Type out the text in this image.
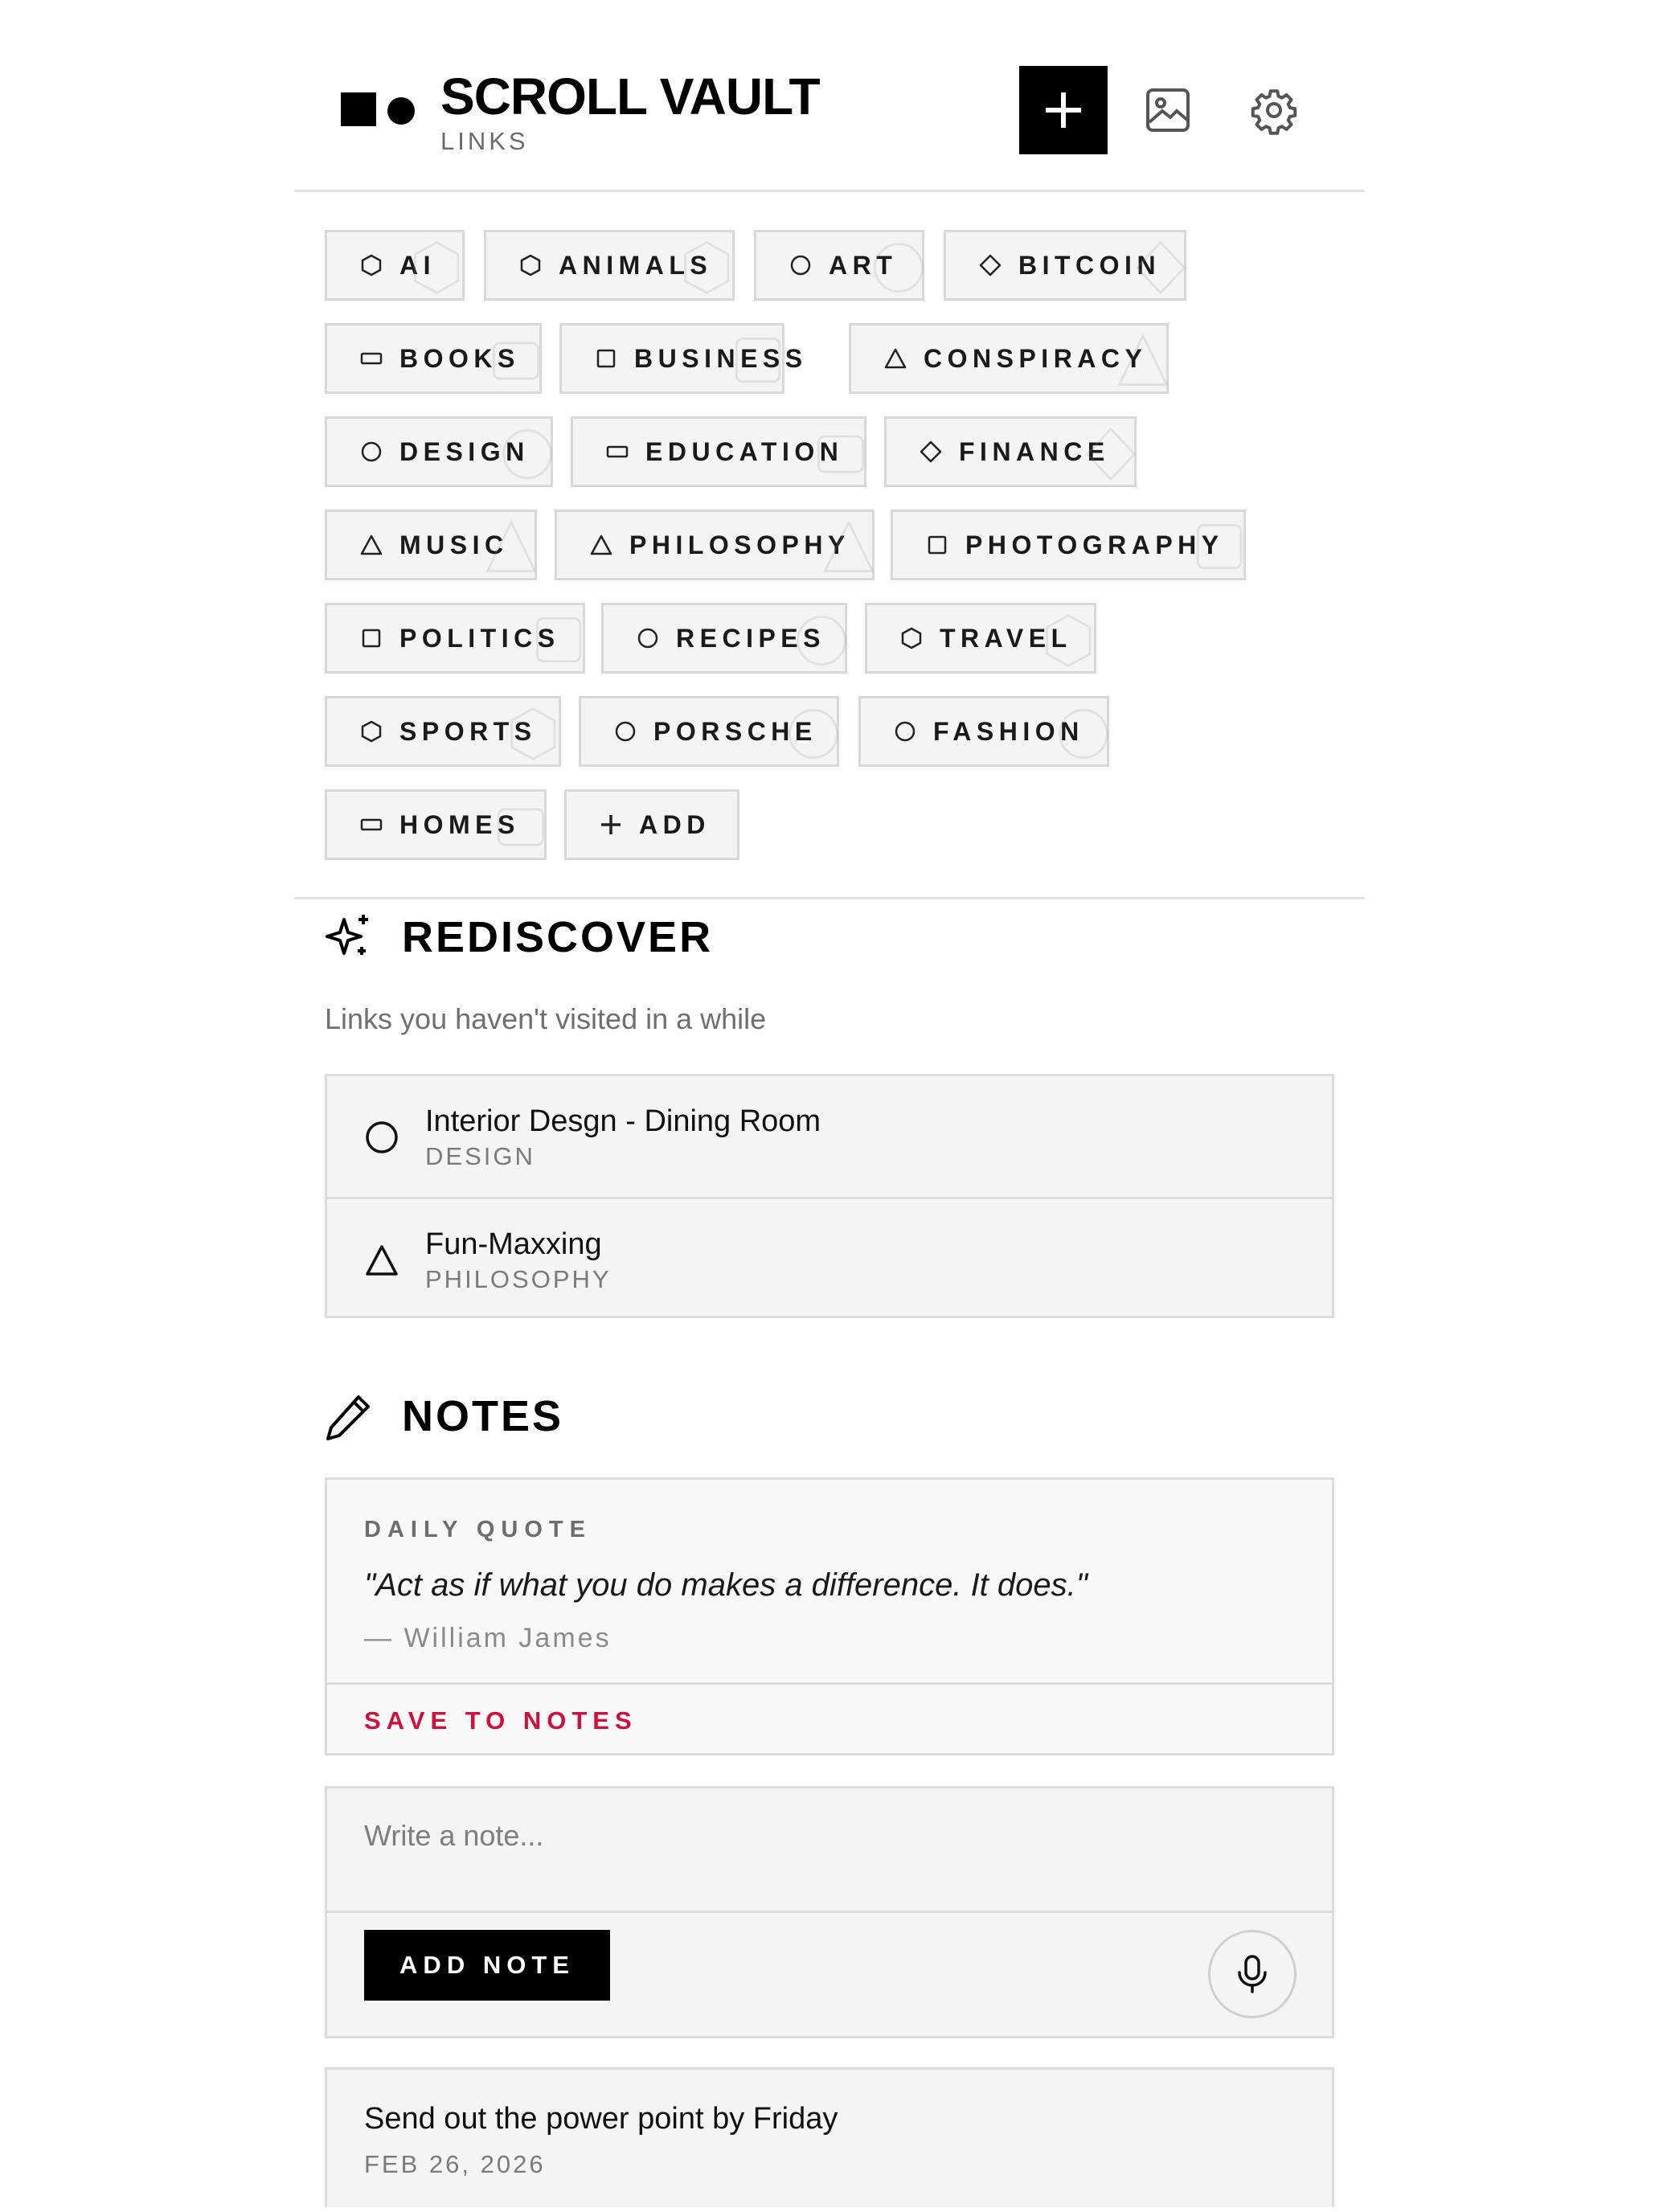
SCROLL VAULT
LINKS
AI	ANIMALS	ART	BITCOIN
BOOKS	BUSINESS	CONSPIRACY
DESIGN	EDUCATION	FINANCE
MUSIC	PHILOSOPHY	PHOTOGRAPHY
POLITICS	RECIPES	TRAVEL
SPORTS	PORSCHE	FASHION
HOMES	ADD
REDISCOVER
Links you haven't visited in a while
Interior Desgn - Dining Room
DESIGN
Fun-Maxxing
PHILOSOPHY
NOTES
DAILY QUOTE
"Act as if what you do makes a difference. It does."
— William James
SAVE TO NOTES
Write a note...
ADD NOTE
Send out the power point by Friday
FEB 26, 2026
